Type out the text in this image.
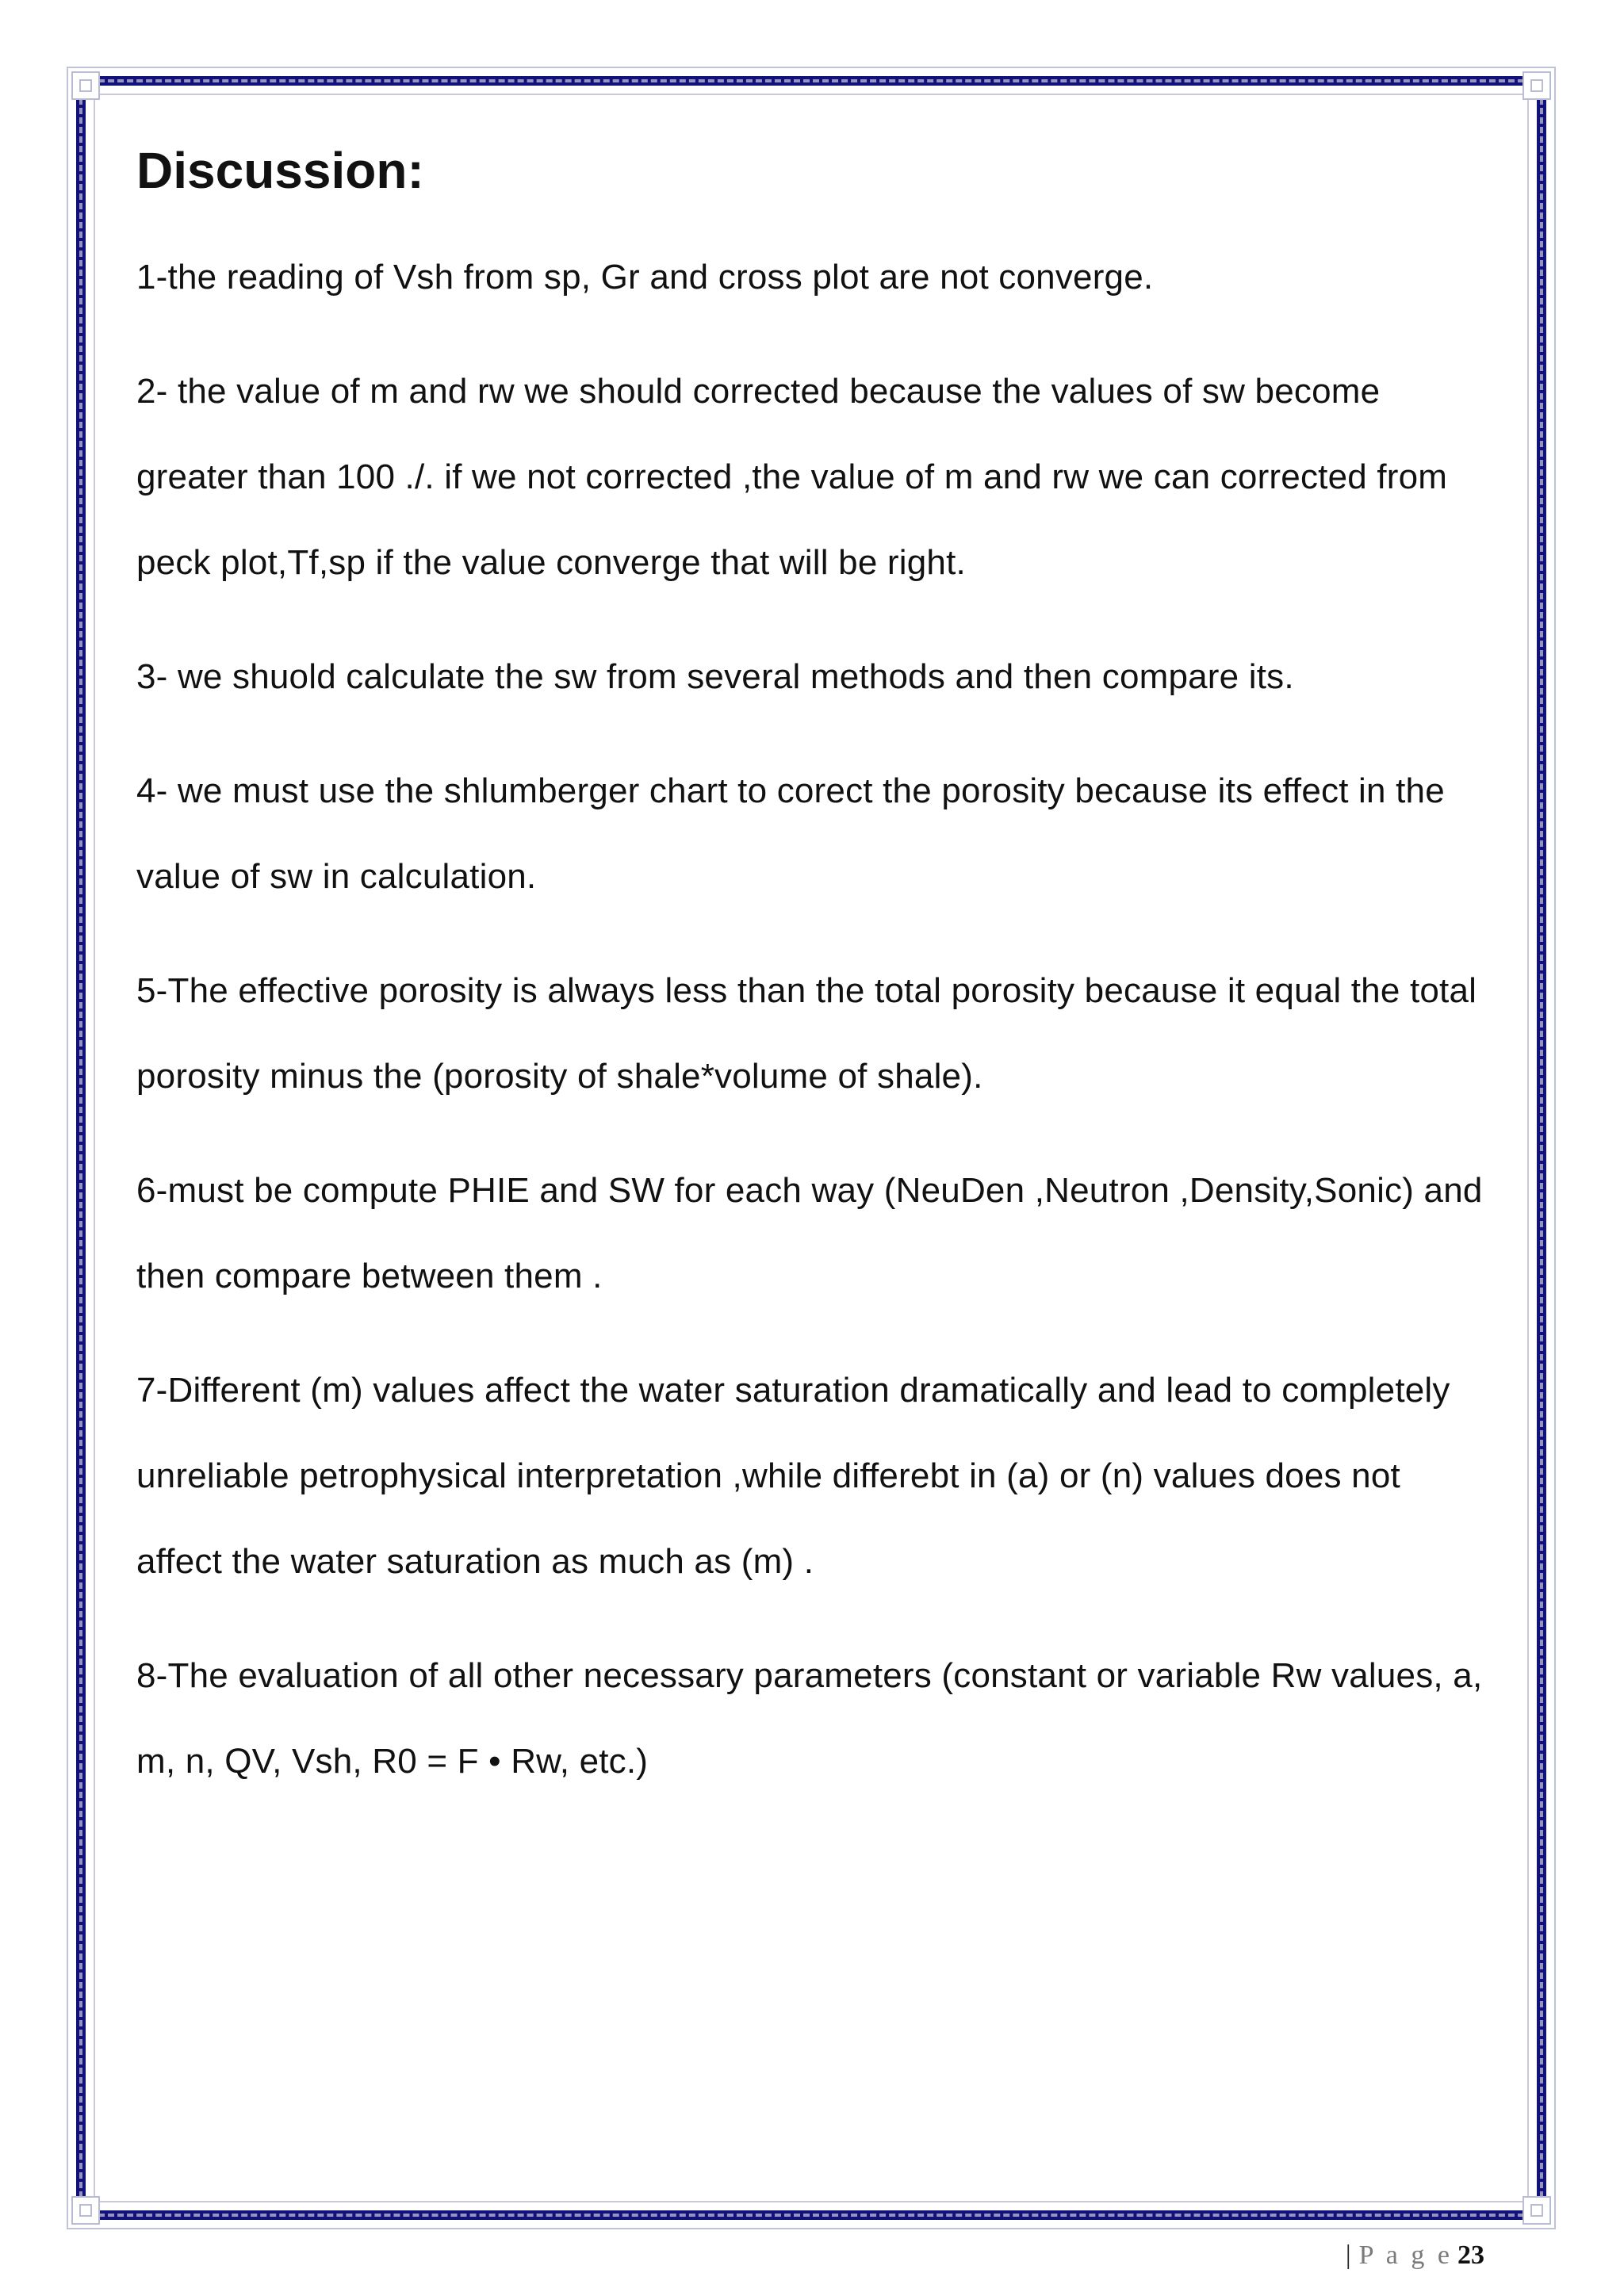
Discussion:

1-the reading of Vsh from sp, Gr and cross plot are not converge.

2- the value of m and rw we should corrected because the values of sw become greater than 100 ./. if we not corrected ,the value of m and rw we can corrected from peck plot,Tf,sp if the value converge that will be right.

3- we shuold calculate the sw from several methods and then compare its.

4- we must use the shlumberger chart to corect the porosity because its effect in the value of sw in calculation.

5-The effective porosity is always less than the total porosity because it equal the total porosity minus the (porosity of shale*volume of shale).

6-must be compute PHIE and SW for each way (NeuDen ,Neutron ,Density,Sonic) and then compare between them .

7-Different (m) values affect the water saturation dramatically and lead to completely unreliable petrophysical interpretation ,while differebt in (a) or (n) values does not affect the water saturation as much as (m) .

8-The evaluation of all other necessary parameters (constant or variable Rw values, a, m, n, QV, Vsh, R0 = F • Rw, etc.)

| P a g e 23
